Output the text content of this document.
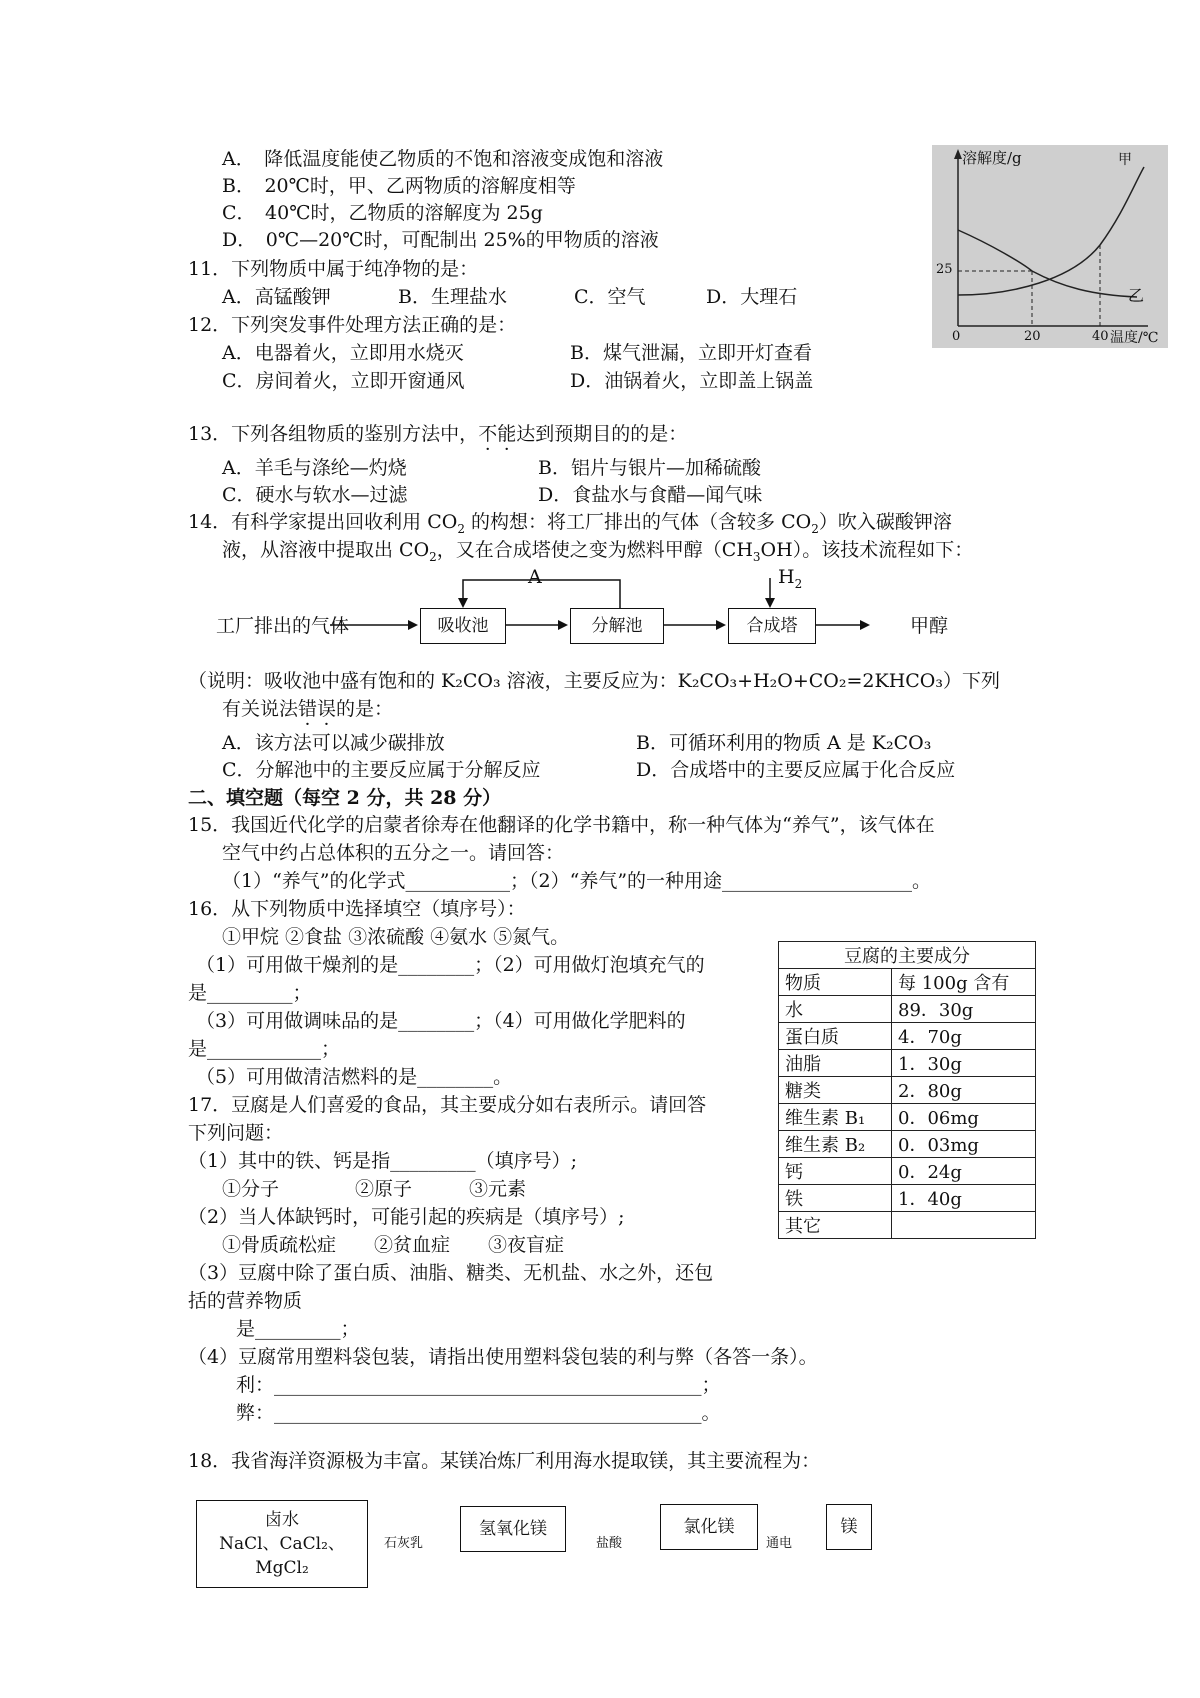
A．　降低温度能使乙物质的不饱和溶液变成饱和溶液
B．　20℃时，甲、乙两物质的溶解度相等
C．　40℃时，乙物质的溶解度为 25g
D．　0℃—20℃时，可配制出 25%的甲物质的溶液
溶解度/g	甲
乙
25
0	20	40 温度/℃
11．下列物质中属于纯净物的是：
A．高锰酸钾	B．生理盐水	C．空气	D．大理石
12．下列突发事件处理方法正确的是：
A．电器着火，立即用水烧灭	B．煤气泄漏，立即开灯查看
C．房间着火，立即开窗通风	D．油锅着火，立即盖上锅盖
13．下列各组物质的鉴别方法中，不能达到预期目的的是：
A．羊毛与涤纶—灼烧	B．铝片与银片—加稀硫酸
C．硬水与软水—过滤	D．食盐水与食醋—闻气味
14．有科学家提出回收利用 $CO_2$ 的构想：将工厂排出的气体（含较多 $CO_2$）吹入碳酸钾溶
液，从溶液中提取出 $CO_2$，又在合成塔使之变为燃料甲醇$(CH_3OH)$。该技术流程如下：
A	$H_2$
工厂排出的气体	吸收池	分解池	合成塔	甲醇
（说明：吸收池中盛有饱和的 K₂CO₃ 溶液，主要反应为：K₂CO₃+H₂O+CO₂=2KHCO₃）下列
有关说法错误的是：
A．该方法可以减少碳排放	B．可循环利用的物质 A 是 K₂CO₃
C．分解池中的主要反应属于分解反应	D．合成塔中的主要反应属于化合反应
二、填空题（每空 2 分，共 28 分）
15．我国近代化学的启蒙者徐寿在他翻译的化学书籍中，称一种气体为“养气”，该气体在
空气中约占总体积的五分之一。请回答：
（1）“养气”的化学式___________；（2）“养气”的一种用途____________________。
16．从下列物质中选择填空（填序号）：
①甲烷 ②食盐 ③浓硫酸 ④氨水 ⑤氮气。
（1）可用做干燥剂的是________；（2）可用做灯泡填充气的
是_________；
（3）可用做调味品的是________；（4）可用做化学肥料的
是____________；
（5）可用做清洁燃料的是________。
豆腐的主要成分	
物质	每 100g 含有
水	89．30g
蛋白质	4．70g
油脂	1．30g
糖类	2．80g
维生素 B₁	0．06mg
维生素 B₂	0．03mg
钙	0．24g
铁	1．40g
其它	
17．豆腐是人们喜爱的食品，其主要成分如右表所示。请回答
下列问题：
（1）其中的铁、钙是指_________（填序号）;
①分子　　　　②原子　　　③元素
（2）当人体缺钙时，可能引起的疾病是（填序号）;
①骨质疏松症　　②贫血症　　③夜盲症
（3）豆腐中除了蛋白质、油脂、糖类、无机盐、水之外，还包
括的营养物质
是_________；
（4）豆腐常用塑料袋包装，请指出使用塑料袋包装的利与弊（各答一条）。
利：_____________________________________________；
弊：_____________________________________________。
18．我省海洋资源极为丰富。某镁冶炼厂利用海水提取镁，其主要流程为：
卤水
NaCl、CaCl₂、
MgCl₂
石灰乳
氢氧化镁
盐酸
氯化镁
通电
镁
